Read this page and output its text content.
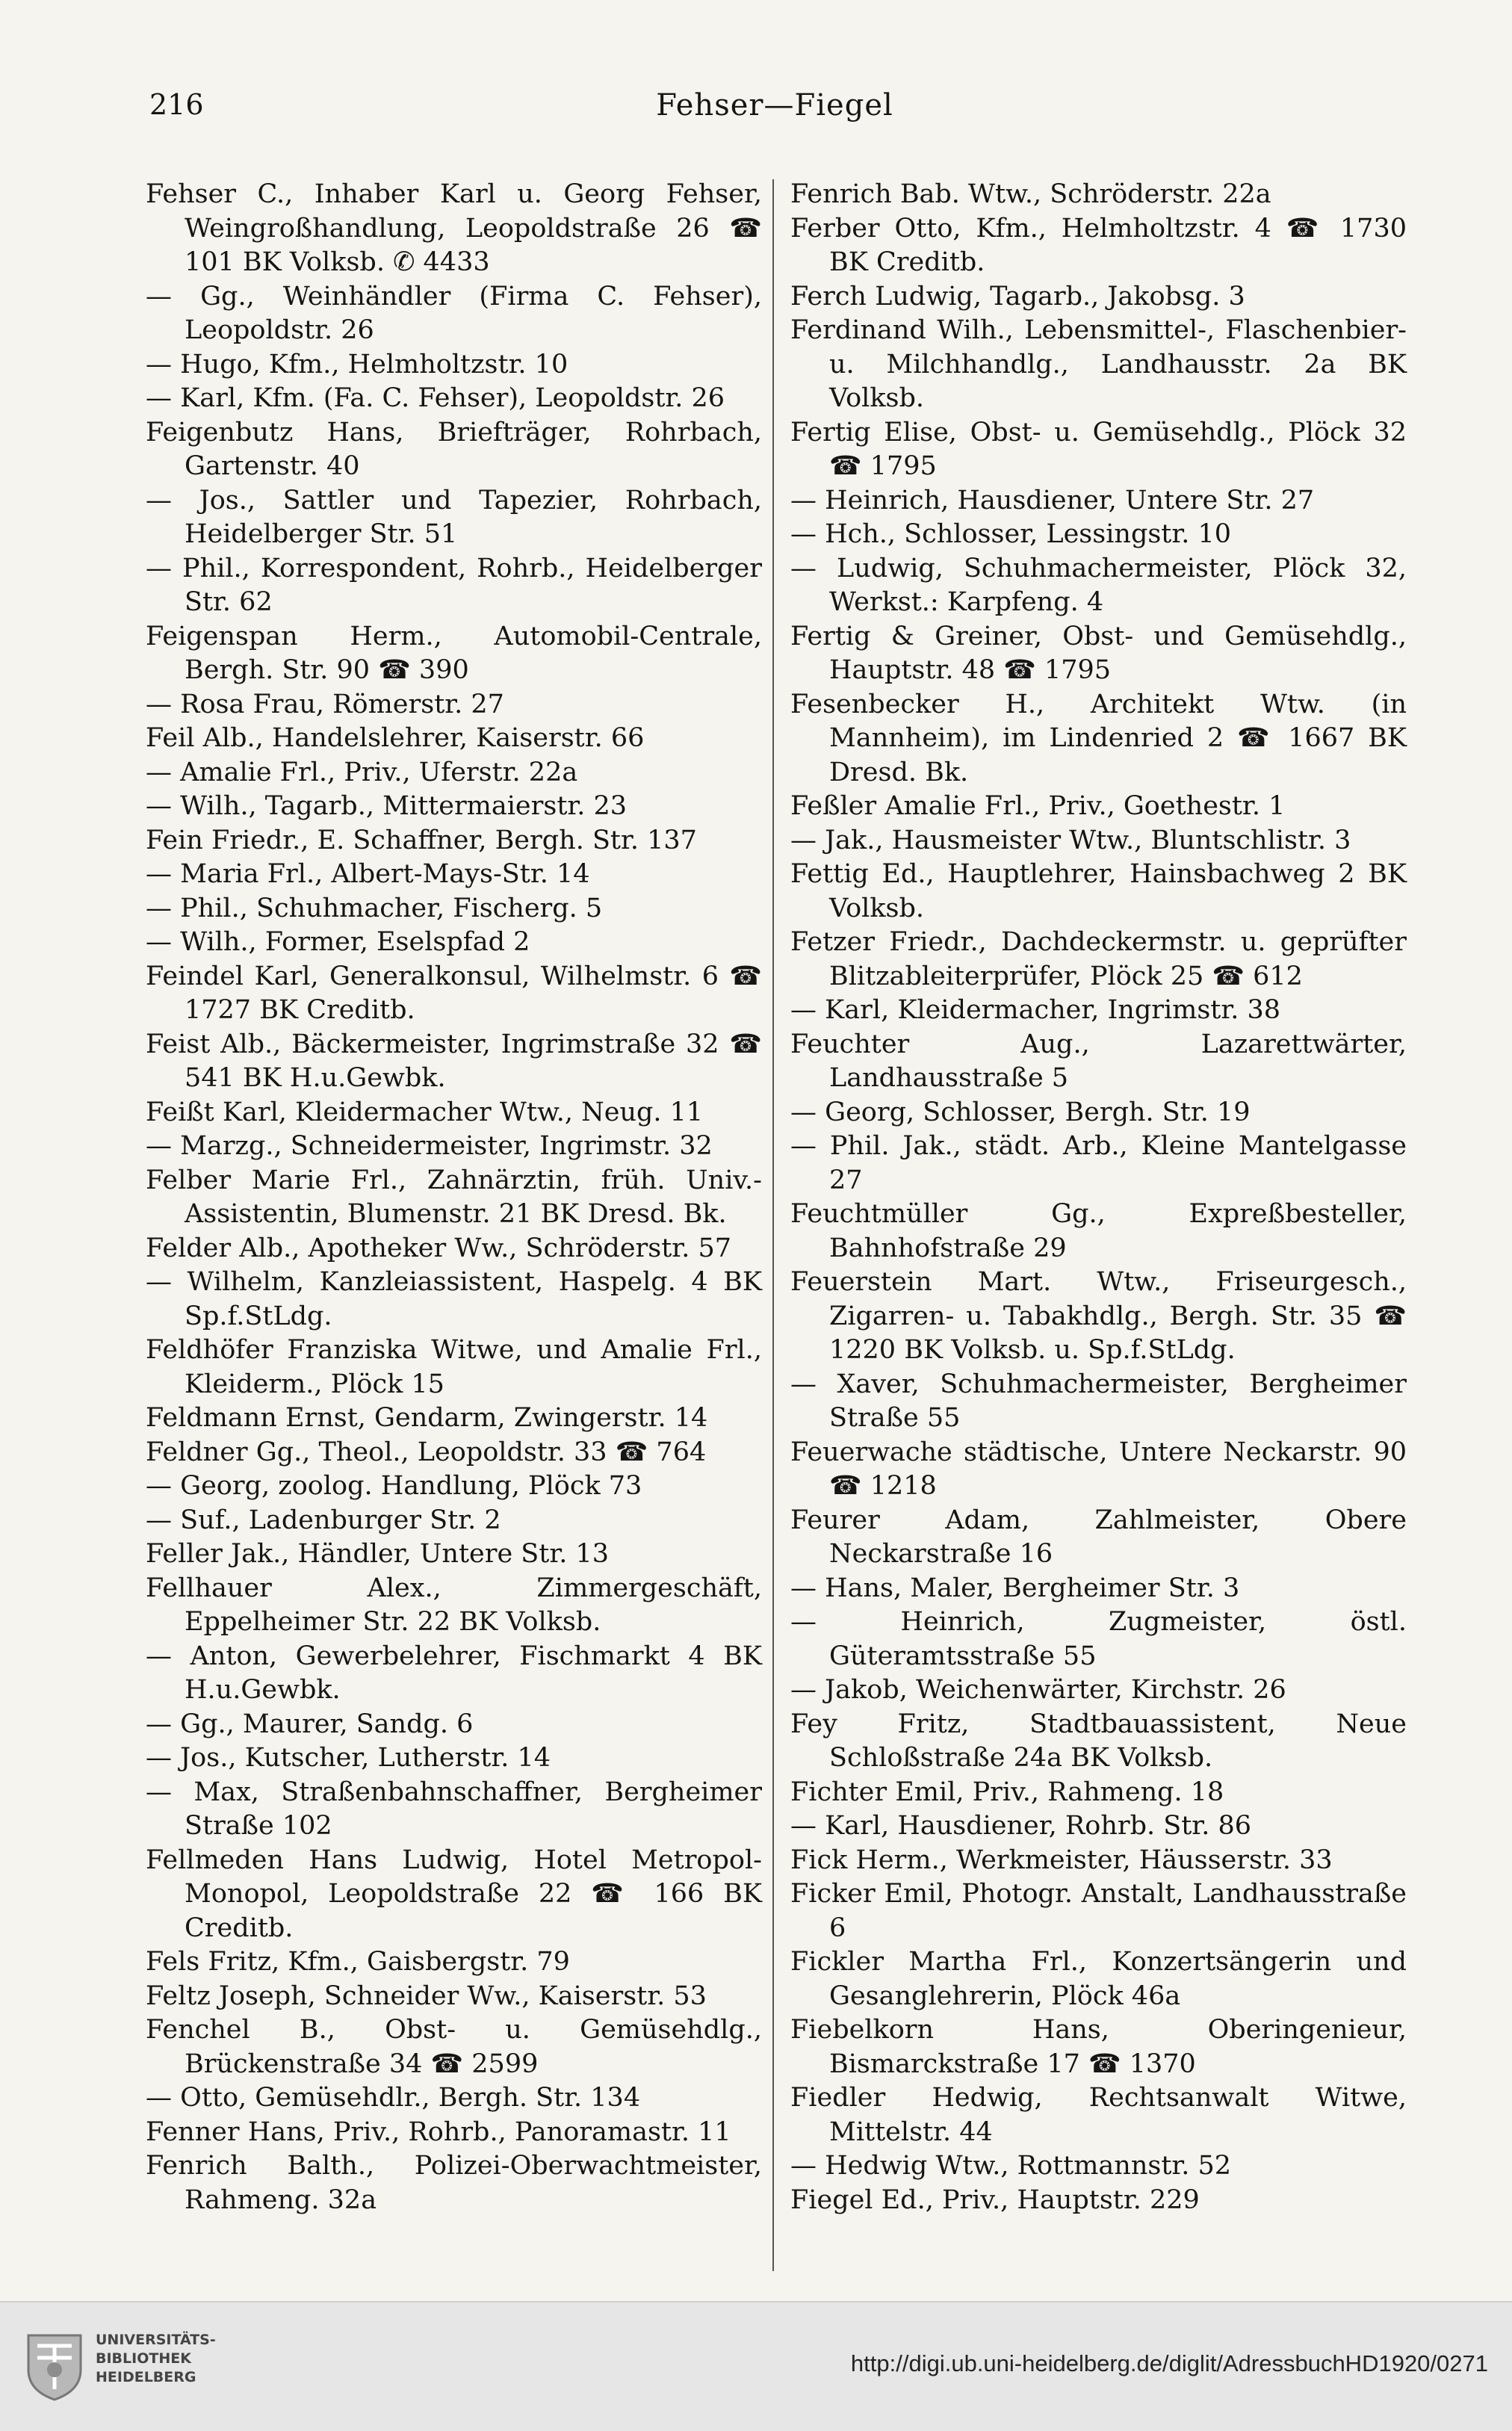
216	Fehser—Fiegel
Fehser C., Inhaber Karl u. Georg Fehser, Weingroßhandlung, Leopoldstraße 26 ☎ 101 BK Volksb. ✆ 4433
— Gg., Weinhändler (Firma C. Fehser), Leopoldstr. 26
— Hugo, Kfm., Helmholtzstr. 10
— Karl, Kfm. (Fa. C. Fehser), Leopoldstr. 26
Feigenbutz Hans, Briefträger, Rohrbach, Gartenstr. 40
— Jos., Sattler und Tapezier, Rohrbach, Heidelberger Str. 51
— Phil., Korrespondent, Rohrb., Heidelberger Str. 62
Feigenspan Herm., Automobil-Centrale, Bergh. Str. 90 ☎ 390
— Rosa Frau, Römerstr. 27
Feil Alb., Handelslehrer, Kaiserstr. 66
— Amalie Frl., Priv., Uferstr. 22a
— Wilh., Tagarb., Mittermaierstr. 23
Fein Friedr., E. Schaffner, Bergh. Str. 137
— Maria Frl., Albert-Mays-Str. 14
— Phil., Schuhmacher, Fischerg. 5
— Wilh., Former, Eselspfad 2
Feindel Karl, Generalkonsul, Wilhelmstr. 6 ☎ 1727 BK Creditb.
Feist Alb., Bäckermeister, Ingrimstraße 32 ☎ 541 BK H.u.Gewbk.
Feißt Karl, Kleidermacher Wtw., Neug. 11
— Marzg., Schneidermeister, Ingrimstr. 32
Felber Marie Frl., Zahnärztin, früh. Univ.-Assistentin, Blumenstr. 21 BK Dresd. Bk.
Felder Alb., Apotheker Ww., Schröderstr. 57
— Wilhelm, Kanzleiassistent, Haspelg. 4 BK Sp.f.StLdg.
Feldhöfer Franziska Witwe, und Amalie Frl., Kleiderm., Plöck 15
Feldmann Ernst, Gendarm, Zwingerstr. 14
Feldner Gg., Theol., Leopoldstr. 33 ☎ 764
— Georg, zoolog. Handlung, Plöck 73
— Suf., Ladenburger Str. 2
Feller Jak., Händler, Untere Str. 13
Fellhauer Alex., Zimmergeschäft, Eppelheimer Str. 22 BK Volksb.
— Anton, Gewerbelehrer, Fischmarkt 4 BK H.u.Gewbk.
— Gg., Maurer, Sandg. 6
— Jos., Kutscher, Lutherstr. 14
— Max, Straßenbahnschaffner, Bergheimer Straße 102
Fellmeden Hans Ludwig, Hotel Metropol-Monopol, Leopoldstraße 22 ☎ 166 BK Creditb.
Fels Fritz, Kfm., Gaisbergstr. 79
Feltz Joseph, Schneider Ww., Kaiserstr. 53
Fenchel B., Obst- u. Gemüsehdlg., Brückenstraße 34 ☎ 2599
— Otto, Gemüsehdlr., Bergh. Str. 134
Fenner Hans, Priv., Rohrb., Panoramastr. 11
Fenrich Balth., Polizei-Oberwachtmeister, Rahmeng. 32a
Fenrich Bab. Wtw., Schröderstr. 22a
Ferber Otto, Kfm., Helmholtzstr. 4 ☎ 1730 BK Creditb.
Ferch Ludwig, Tagarb., Jakobsg. 3
Ferdinand Wilh., Lebensmittel-, Flaschenbier- u. Milchhandlg., Landhausstr. 2a BK Volksb.
Fertig Elise, Obst- u. Gemüsehdlg., Plöck 32 ☎ 1795
— Heinrich, Hausdiener, Untere Str. 27
— Hch., Schlosser, Lessingstr. 10
— Ludwig, Schuhmachermeister, Plöck 32, Werkst.: Karpfeng. 4
Fertig & Greiner, Obst- und Gemüsehdlg., Hauptstr. 48 ☎ 1795
Fesenbecker H., Architekt Wtw. (in Mannheim), im Lindenried 2 ☎ 1667 BK Dresd. Bk.
Feßler Amalie Frl., Priv., Goethestr. 1
— Jak., Hausmeister Wtw., Bluntschlistr. 3
Fettig Ed., Hauptlehrer, Hainsbachweg 2 BK Volksb.
Fetzer Friedr., Dachdeckermstr. u. geprüfter Blitzableiterprüfer, Plöck 25 ☎ 612
— Karl, Kleidermacher, Ingrimstr. 38
Feuchter Aug., Lazarettwärter, Landhausstraße 5
— Georg, Schlosser, Bergh. Str. 19
— Phil. Jak., städt. Arb., Kleine Mantelgasse 27
Feuchtmüller Gg., Expreßbesteller, Bahnhofstraße 29
Feuerstein Mart. Wtw., Friseurgesch., Zigarren- u. Tabakhdlg., Bergh. Str. 35 ☎ 1220 BK Volksb. u. Sp.f.StLdg.
— Xaver, Schuhmachermeister, Bergheimer Straße 55
Feuerwache städtische, Untere Neckarstr. 90 ☎ 1218
Feurer Adam, Zahlmeister, Obere Neckarstraße 16
— Hans, Maler, Bergheimer Str. 3
— Heinrich, Zugmeister, östl. Güteramtsstraße 55
— Jakob, Weichenwärter, Kirchstr. 26
Fey Fritz, Stadtbauassistent, Neue Schloßstraße 24a BK Volksb.
Fichter Emil, Priv., Rahmeng. 18
— Karl, Hausdiener, Rohrb. Str. 86
Fick Herm., Werkmeister, Häusserstr. 33
Ficker Emil, Photogr. Anstalt, Landhausstraße 6
Fickler Martha Frl., Konzertsängerin und Gesanglehrerin, Plöck 46a
Fiebelkorn Hans, Oberingenieur, Bismarckstraße 17 ☎ 1370
Fiedler Hedwig, Rechtsanwalt Witwe, Mittelstr. 44
— Hedwig Wtw., Rottmannstr. 52
Fiegel Ed., Priv., Hauptstr. 229
UNIVERSITÄTS-
BIBLIOTHEK
HEIDELBERG
http://digi.ub.uni-heidelberg.de/diglit/AdressbuchHD1920/0271
